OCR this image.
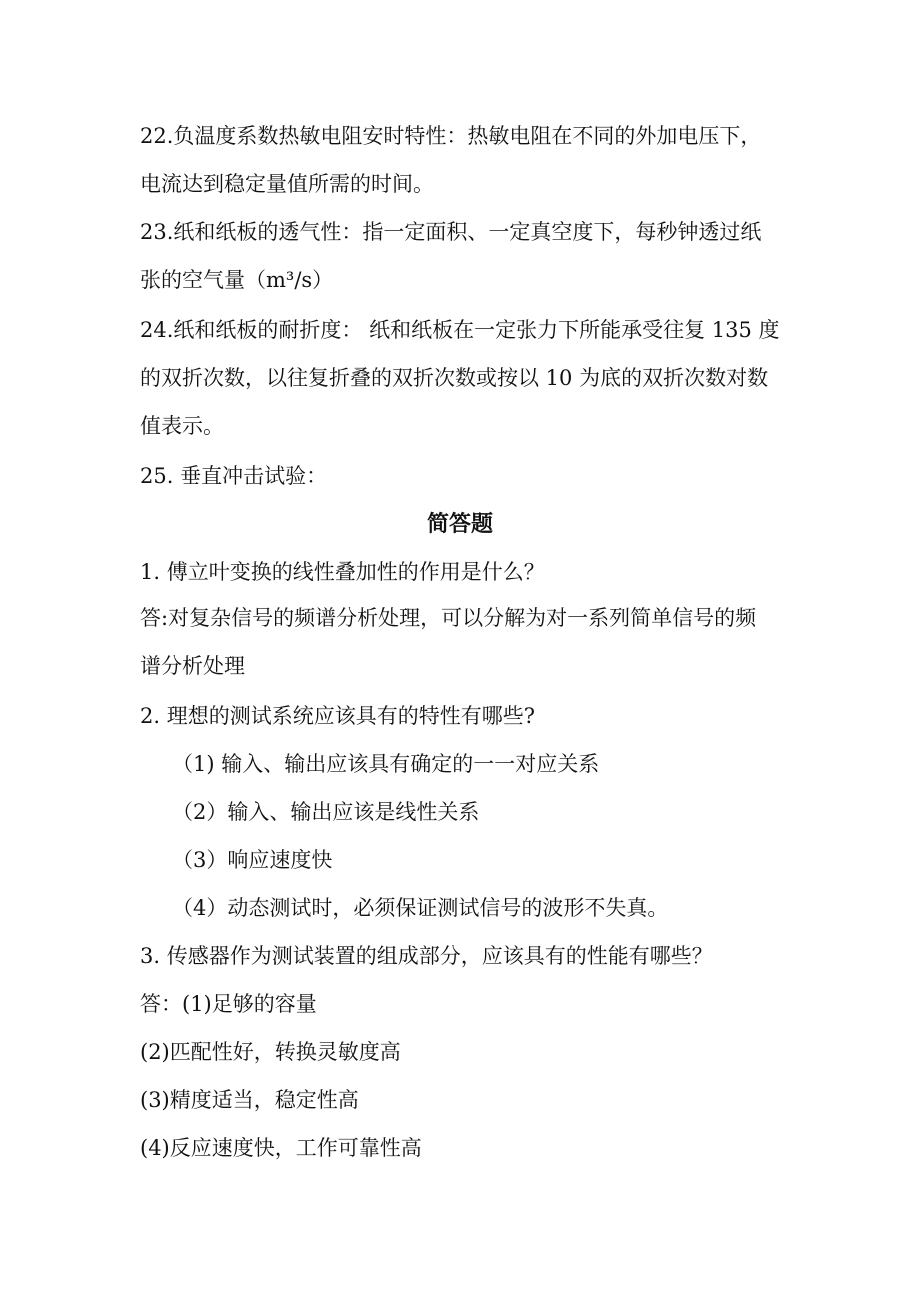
22.负温度系数热敏电阻安时特性：热敏电阻在不同的外加电压下，
电流达到稳定量值所需的时间。
23.纸和纸板的透气性：指一定面积、一定真空度下，每秒钟透过纸
张的空气量（m³/s）
24.纸和纸板的耐折度： 纸和纸板在一定张力下所能承受往复 135 度
的双折次数，以往复折叠的双折次数或按以 10 为底的双折次数对数
值表示。
25. 垂直冲击试验：
简答题
1. 傅立叶变换的线性叠加性的作用是什么？
答:对复杂信号的频谱分析处理，可以分解为对一系列简单信号的频
谱分析处理
2. 理想的测试系统应该具有的特性有哪些?
（1) 输入、输出应该具有确定的一一对应关系
（2）输入、输出应该是线性关系
（3）响应速度快
（4）动态测试时，必须保证测试信号的波形不失真。
3. 传感器作为测试装置的组成部分，应该具有的性能有哪些？
答：(1)足够的容量
(2)匹配性好，转换灵敏度高
(3)精度适当，稳定性高
(4)反应速度快，工作可靠性高
